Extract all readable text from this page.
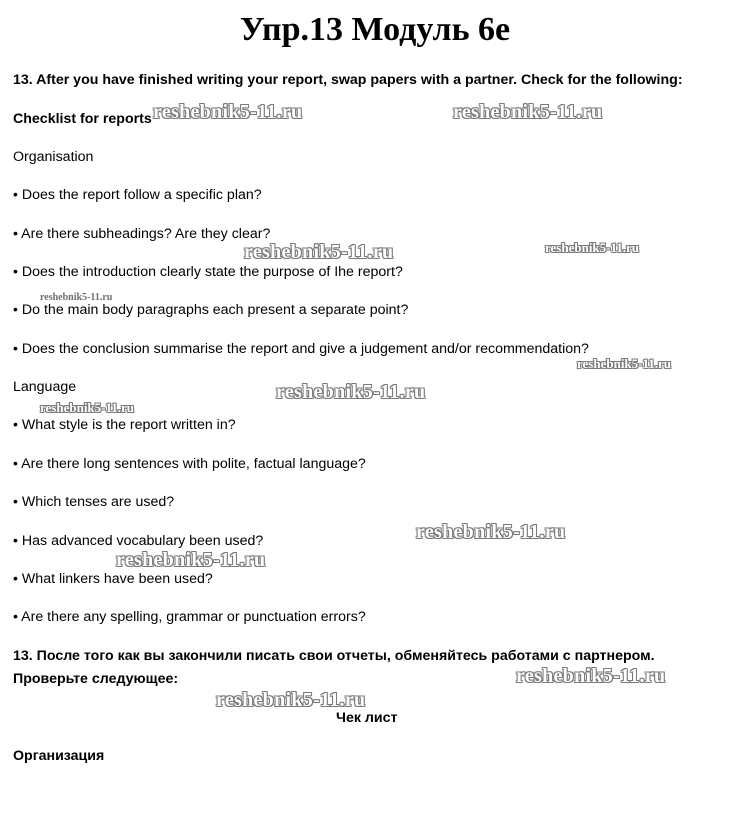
Упр.13 Модуль 6е
13. After you have finished writing your report, swap papers with a partner. Check for the following:
Checklist for reports
Organisation
• Does the report follow a specific plan?
• Are there subheadings? Are they clear?
• Does the introduction clearly state the purpose of Ihe report?
• Do the main body paragraphs each present a separate point?
• Does the conclusion summarise the report and give a judgement and/or recommendation?
Language
• What style is the report written in?
• Are there long sentences with polite, factual language?
• Which tenses are used?
• Has advanced vocabulary been used?
• What linkers have been used?
• Are there any spelling, grammar or punctuation errors?
13. После того как вы закончили писать свои отчеты, обменяйтесь работами с партнером.
Проверьте следующее:
Чек лист
Организация
reshebnik5-11.ru	reshebnik5-11.ru
reshebnik5-11.ru	reshebnik5-11.ru
reshebnik5-11.ru
reshebnik5-11.ru
reshebnik5-11.ru
reshebnik5-11.ru
reshebnik5-11.ru
reshebnik5-11.ru
reshebnik5-11.ru
reshebnik5-11.ru
